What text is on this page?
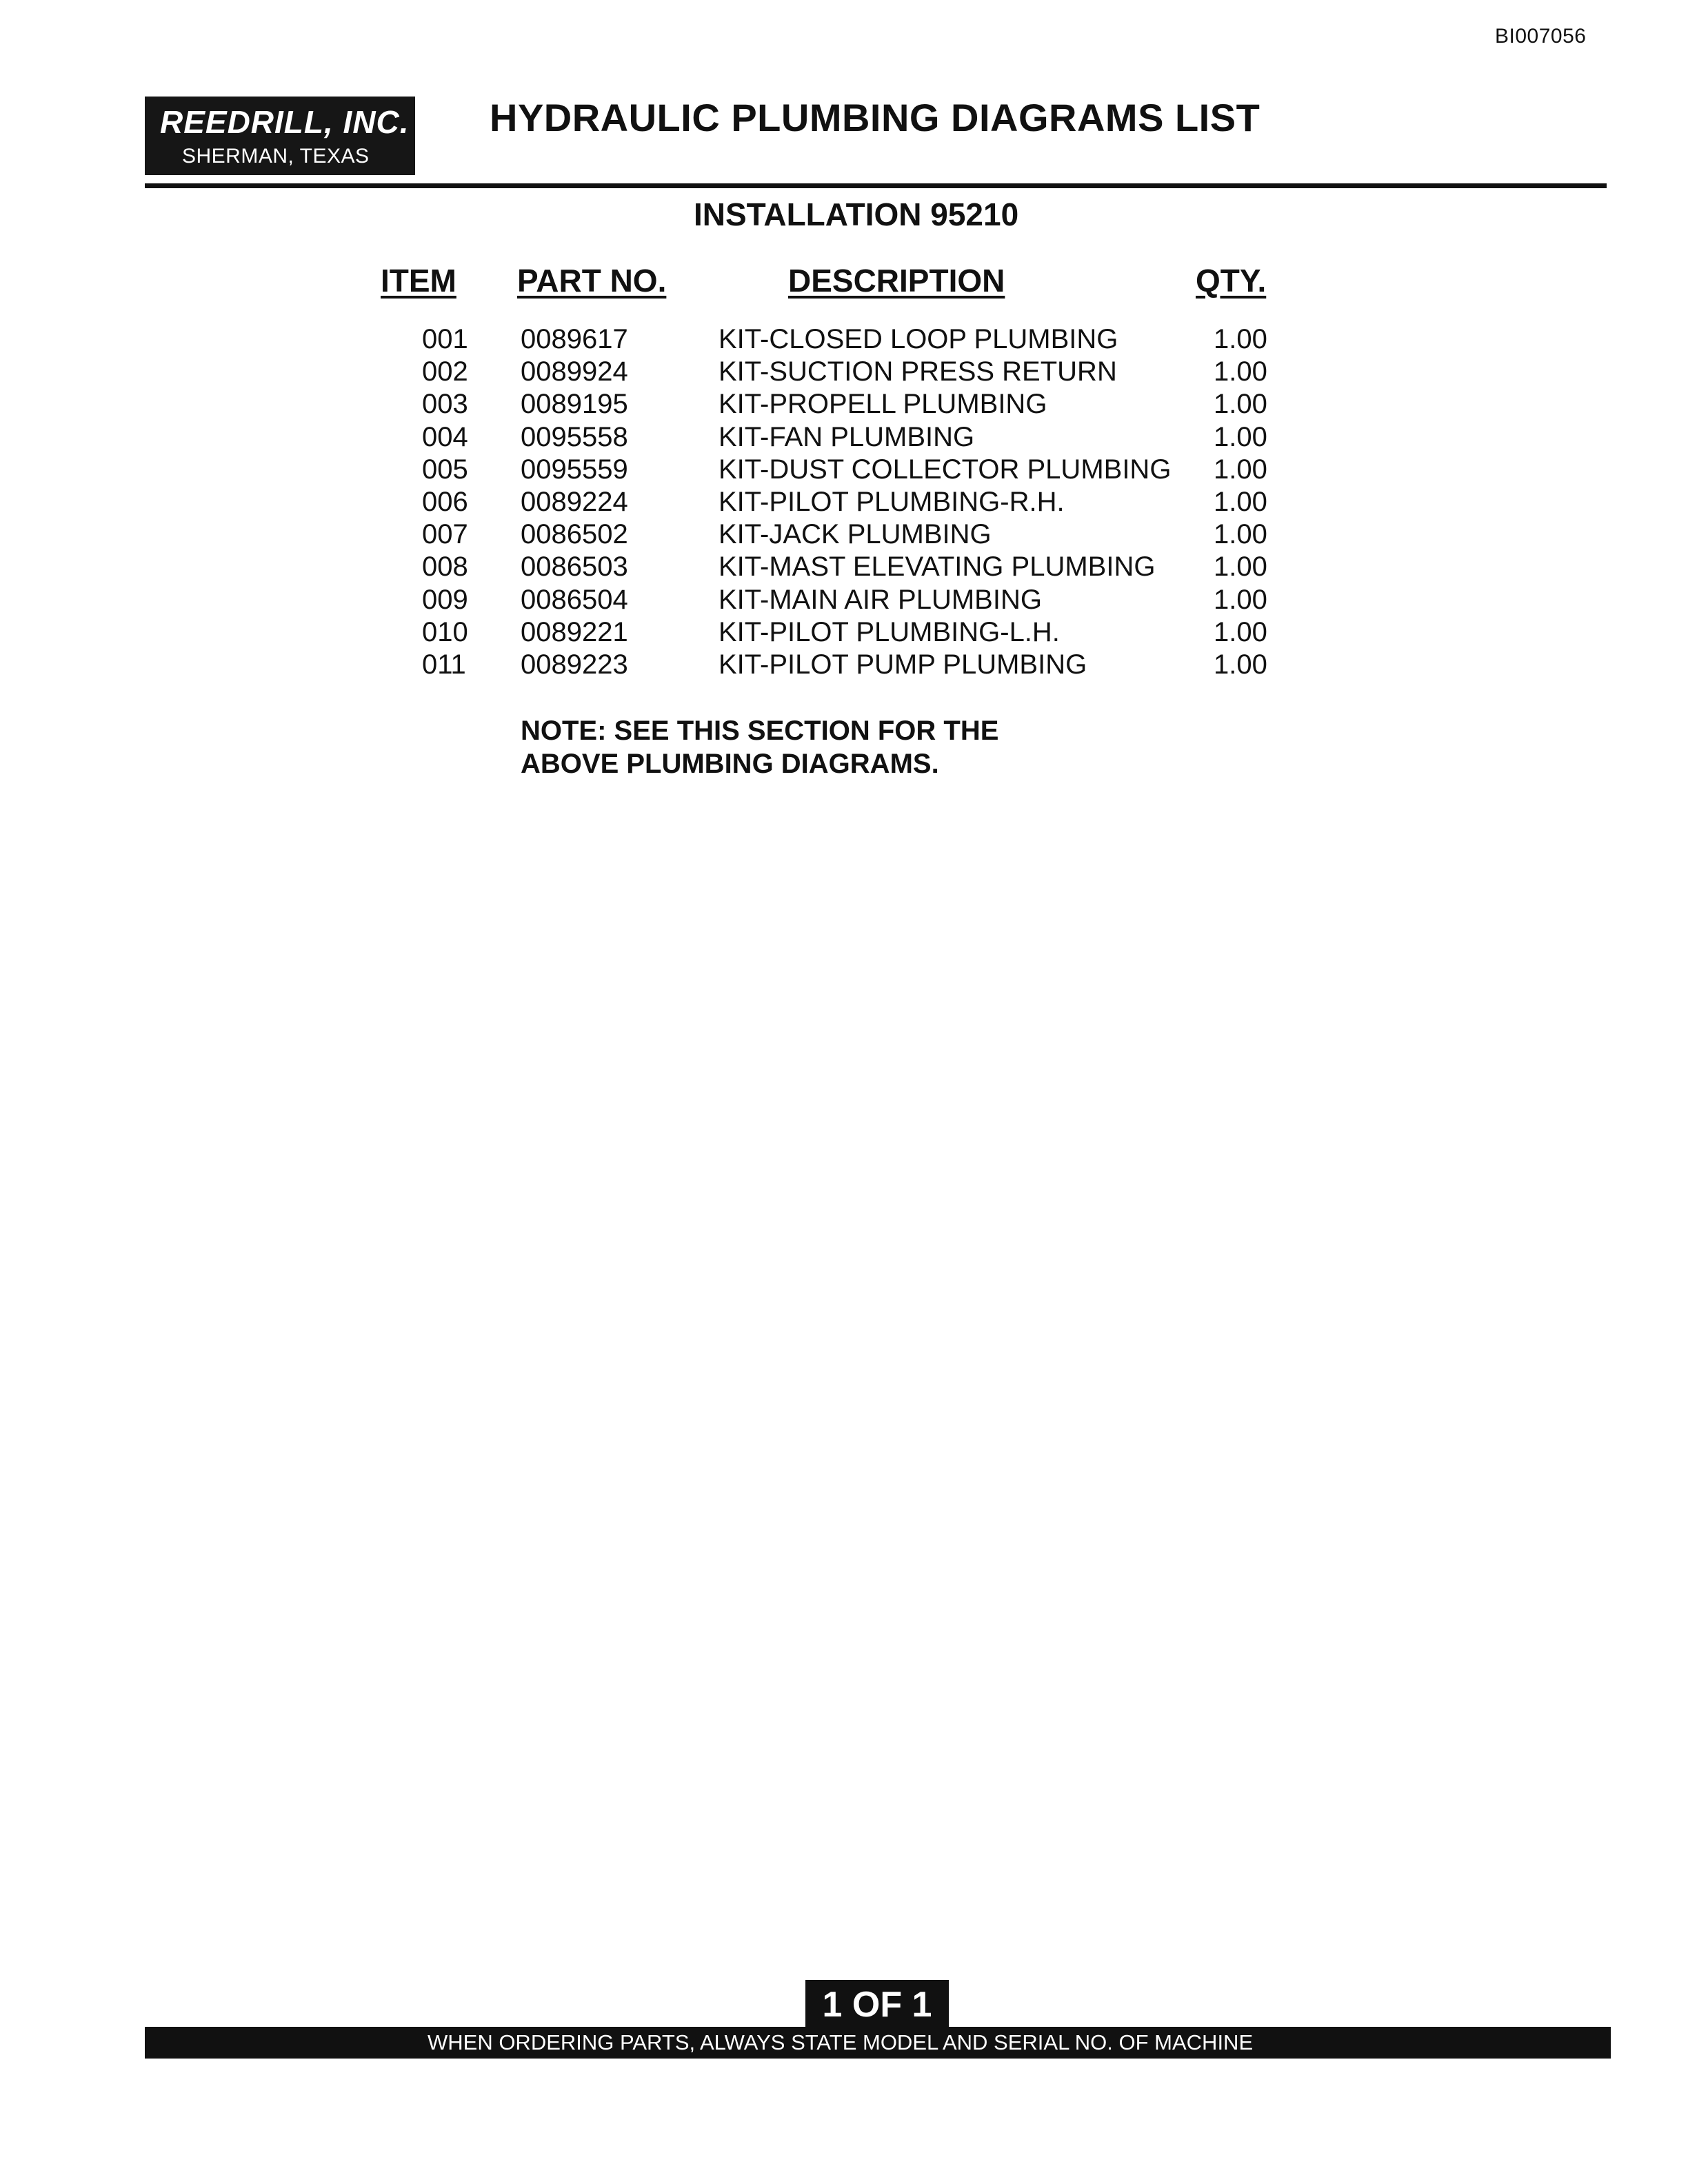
BI007056
REEDRILL, INC.
SHERMAN, TEXAS
HYDRAULIC PLUMBING DIAGRAMS LIST
INSTALLATION 95210
ITEM PART NO.	DESCRIPTION	QTY.
001 0089617	KIT-CLOSED LOOP PLUMBING	1.00
002 0089924	KIT-SUCTION PRESS RETURN	1.00
003 0089195	KIT-PROPELL PLUMBING	1.00
004 0095558	KIT-FAN PLUMBING	1.00
005 0095559	KIT-DUST COLLECTOR PLUMBING 1.00
006 0089224	KIT-PILOT PLUMBING-R.H.	1.00
007 0086502	KIT-JACK PLUMBING	1.00
008 0086503	KIT-MAST ELEVATING PLUMBING 1.00
009 0086504	KIT-MAIN AIR PLUMBING	1.00
010 0089221	KIT-PILOT PLUMBING-L.H.	1.00
011 0089223	KIT-PILOT PUMP PLUMBING	1.00
NOTE: SEE THIS SECTION FOR THE
ABOVE PLUMBING DIAGRAMS.
1 OF 1
WHEN ORDERING PARTS, ALWAYS STATE MODEL AND SERIAL NO. OF MACHINE
